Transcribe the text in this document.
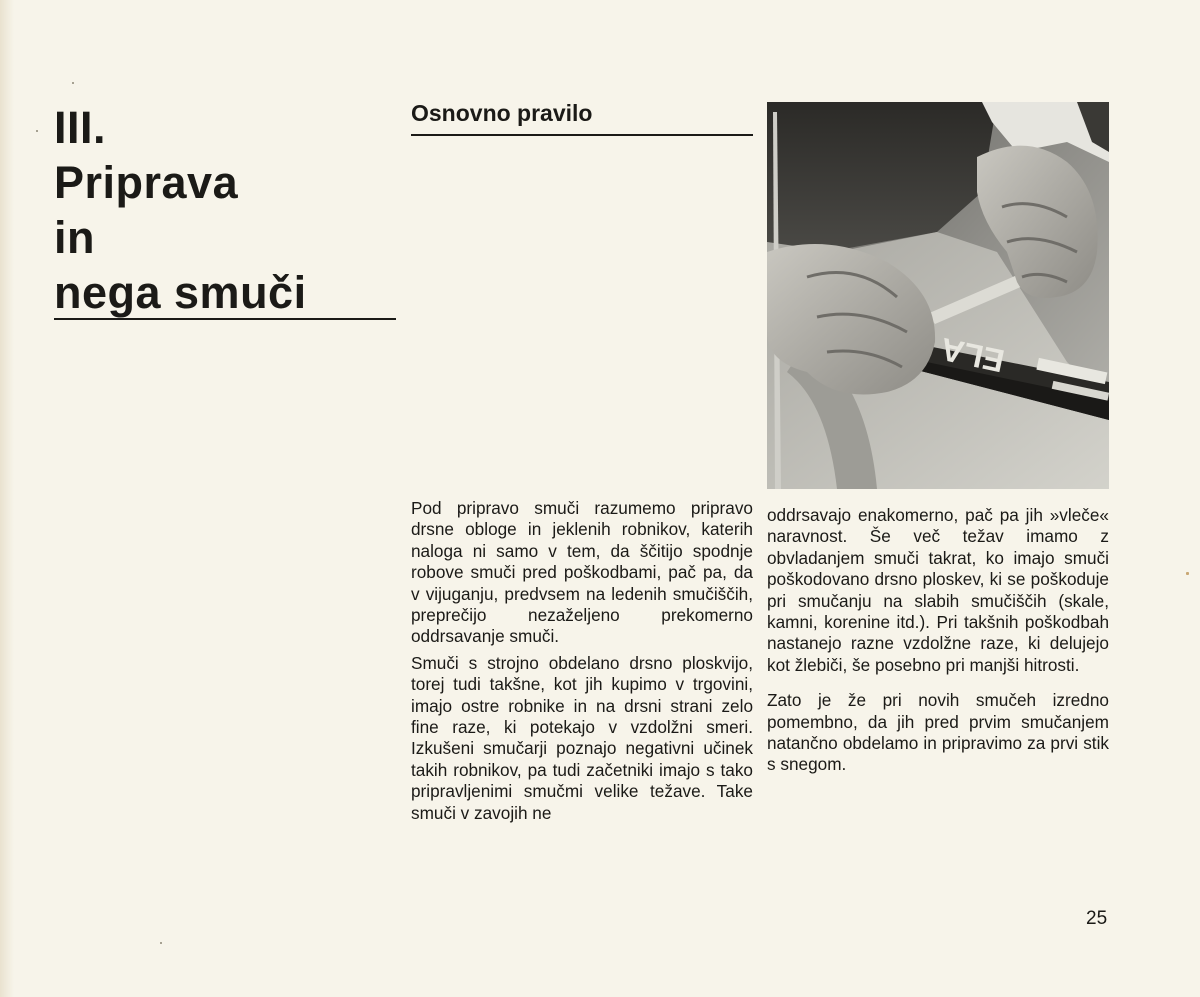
III.
Priprava
in
nega smuči
Osnovno pravilo
ELA

Pod pripravo smuči razumemo pripravo drsne obloge in jeklenih robnikov, katerih naloga ni samo v tem, da ščitijo spodnje robove smuči pred poškodbami, pač pa, da v vijuganju, predvsem na ledenih smučiščih, preprečijo nezaželjeno prekomerno oddrsavanje smuči.

Smuči s strojno obdelano drsno ploskvijo, torej tudi takšne, kot jih kupimo v trgovini, imajo ostre robnike in na drsni strani zelo fine raze, ki potekajo v vzdolžni smeri. Izkušeni smučarji poznajo negativni učinek takih robnikov, pa tudi začetniki imajo s tako pripravljenimi smučmi velike težave. Take smuči v zavojih ne

oddrsavajo enakomerno, pač pa jih »vleče« naravnost. Še več težav imamo z obvladanjem smuči takrat, ko imajo smuči poškodovano drsno ploskev, ki se poškoduje pri smučanju na slabih smučiščih (skale, kamni, korenine itd.). Pri takšnih poškodbah nastanejo razne vzdolžne raze, ki delujejo kot žlebiči, še posebno pri manjši hitrosti.

Zato je že pri novih smučeh izredno pomembno, da jih pred prvim smučanjem natančno obdelamo in pripravimo za prvi stik s snegom.

25
